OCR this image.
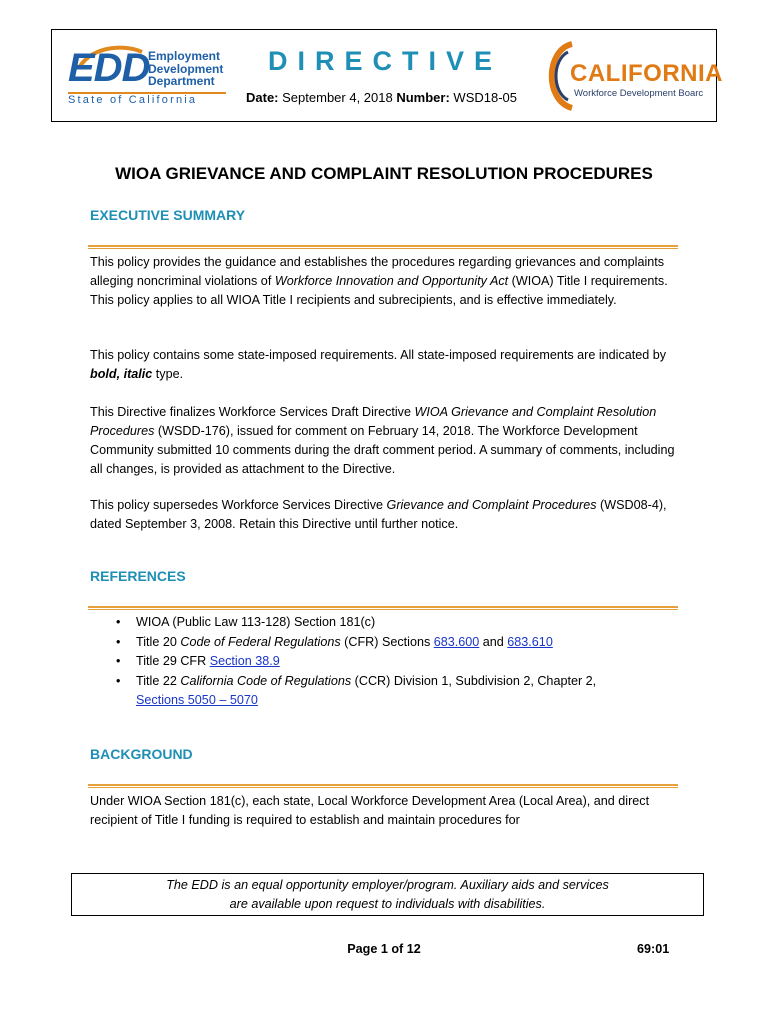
EDD
Employment
Development
Department
State of California
DIRECTIVE
Date: September 4, 2018 Number: WSD18-05
CALIFORNIA
Workforce Development Boarc
WIOA GRIEVANCE AND COMPLAINT RESOLUTION PROCEDURES
EXECUTIVE SUMMARY
This policy provides the guidance and establishes the procedures regarding grievances and complaints alleging noncriminal violations of Workforce Innovation and Opportunity Act (WIOA) Title I requirements. This policy applies to all WIOA Title I recipients and subrecipients, and is effective immediately.
This policy contains some state-imposed requirements. All state-imposed requirements are indicated by bold, italic type.
This Directive finalizes Workforce Services Draft Directive WIOA Grievance and Complaint Resolution Procedures (WSDD-176), issued for comment on February 14, 2018. The Workforce Development Community submitted 10 comments during the draft comment period. A summary of comments, including all changes, is provided as attachment to the Directive.
This policy supersedes Workforce Services Directive Grievance and Complaint Procedures (WSD08-4), dated September 3, 2008. Retain this Directive until further notice.
REFERENCES
• WIOA (Public Law 113-128) Section 181(c)
• Title 20 Code of Federal Regulations (CFR) Sections 683.600 and 683.610
• Title 29 CFR Section 38.9
• Title 22 California Code of Regulations (CCR) Division 1, Subdivision 2, Chapter 2,
Sections 5050 – 5070
BACKGROUND
Under WIOA Section 181(c), each state, Local Workforce Development Area (Local Area), and direct recipient of Title I funding is required to establish and maintain procedures for
The EDD is an equal opportunity employer/program. Auxiliary aids and services
are available upon request to individuals with disabilities.
Page 1 of 12	69:01
